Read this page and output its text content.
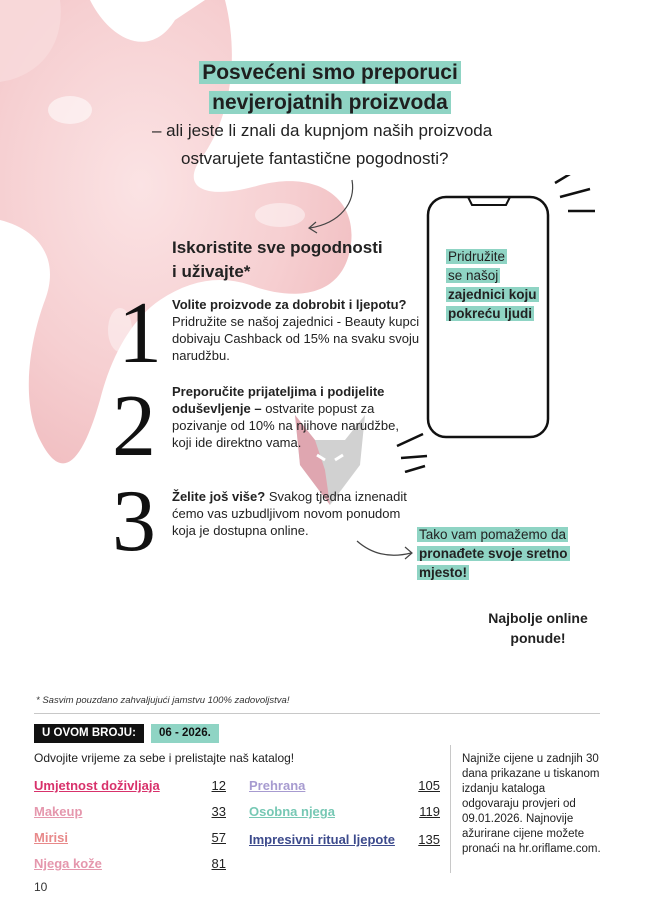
Posvećeni smo preporuci
nevjerojatnih proizvoda
– ali jeste li znali da kupnjom naših proizvoda
ostvarujete fantastične pogodnosti?
Iskoristite sve pogodnosti
i uživajte*
1 Volite proizvode za dobrobit i ljepotu? Pridružite se našoj zajednici - Beauty kupci dobivaju Cashback od 15% na svaku svoju narudžbu.
2 Preporučite prijateljima i podijelite oduševljenje – ostvarite popust za pozivanje od 10% na njihove narudžbe, koji ide direktno vama.
3 Želite još više? Svakog tjedna iznenadit ćemo vas uzbudljivom novom ponudom koja je dostupna online.
Pridružite
se našoj
zajednici koju
pokreću ljudi
Tako vam pomažemo da
pronađete svoje sretno
mjesto!
Najbolje online
ponude!
* Sasvim pouzdano zahvaljujući jamstvu 100% zadovoljstva!
U OVOM BROJU:	06 - 2026.
Odvojite vrijeme za sebe i prelistajte naš katalog!
Umjetnost doživljaja	12
Makeup	33
Mirisi	57
Njega kože	81
Prehrana	105
Osobna njega	119
Impresivni ritual ljepote	135
Najniže cijene u zadnjih 30 dana prikazane u tiskanom izdanju kataloga odgovaraju provjeri od 09.01.2026. Najnovije ažurirane cijene možete pronaći na hr.oriflame.com.
10
